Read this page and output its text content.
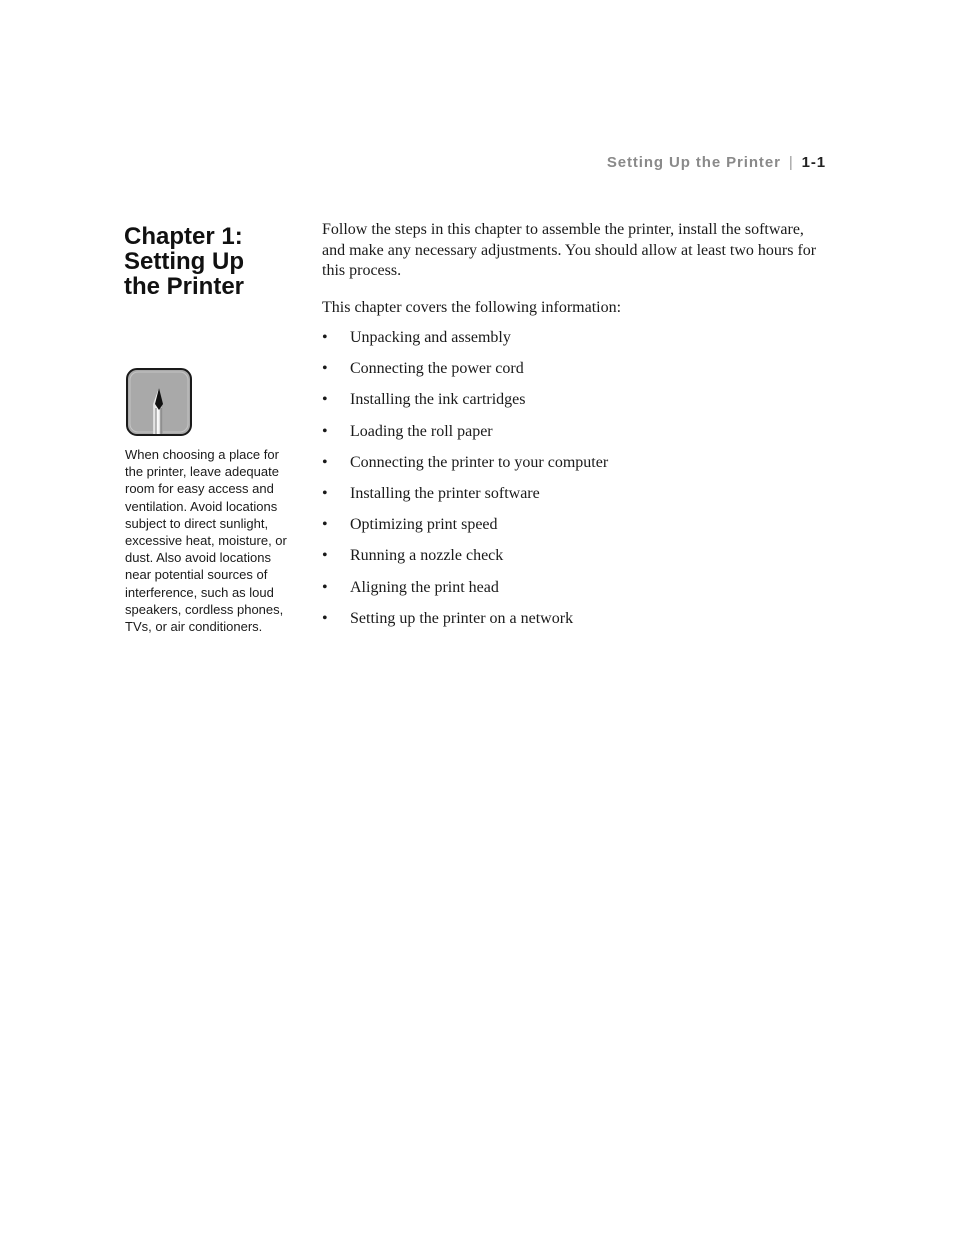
Setting Up the Printer | 1-1
Chapter 1:
Setting Up
the Printer

When choosing a place for the printer, leave adequate room for easy access and ventilation. Avoid locations subject to direct sunlight, excessive heat, moisture, or dust. Also avoid locations near potential sources of interference, such as loud speakers, cordless phones, TVs, or air conditioners.

Follow the steps in this chapter to assemble the printer, install the software, and make any necessary adjustments. You should allow at least two hours for this process.

This chapter covers the following information:

• Unpacking and assembly
• Connecting the power cord
• Installing the ink cartridges
• Loading the roll paper
• Connecting the printer to your computer
• Installing the printer software
• Optimizing print speed
• Running a nozzle check
• Aligning the print head
• Setting up the printer on a network
